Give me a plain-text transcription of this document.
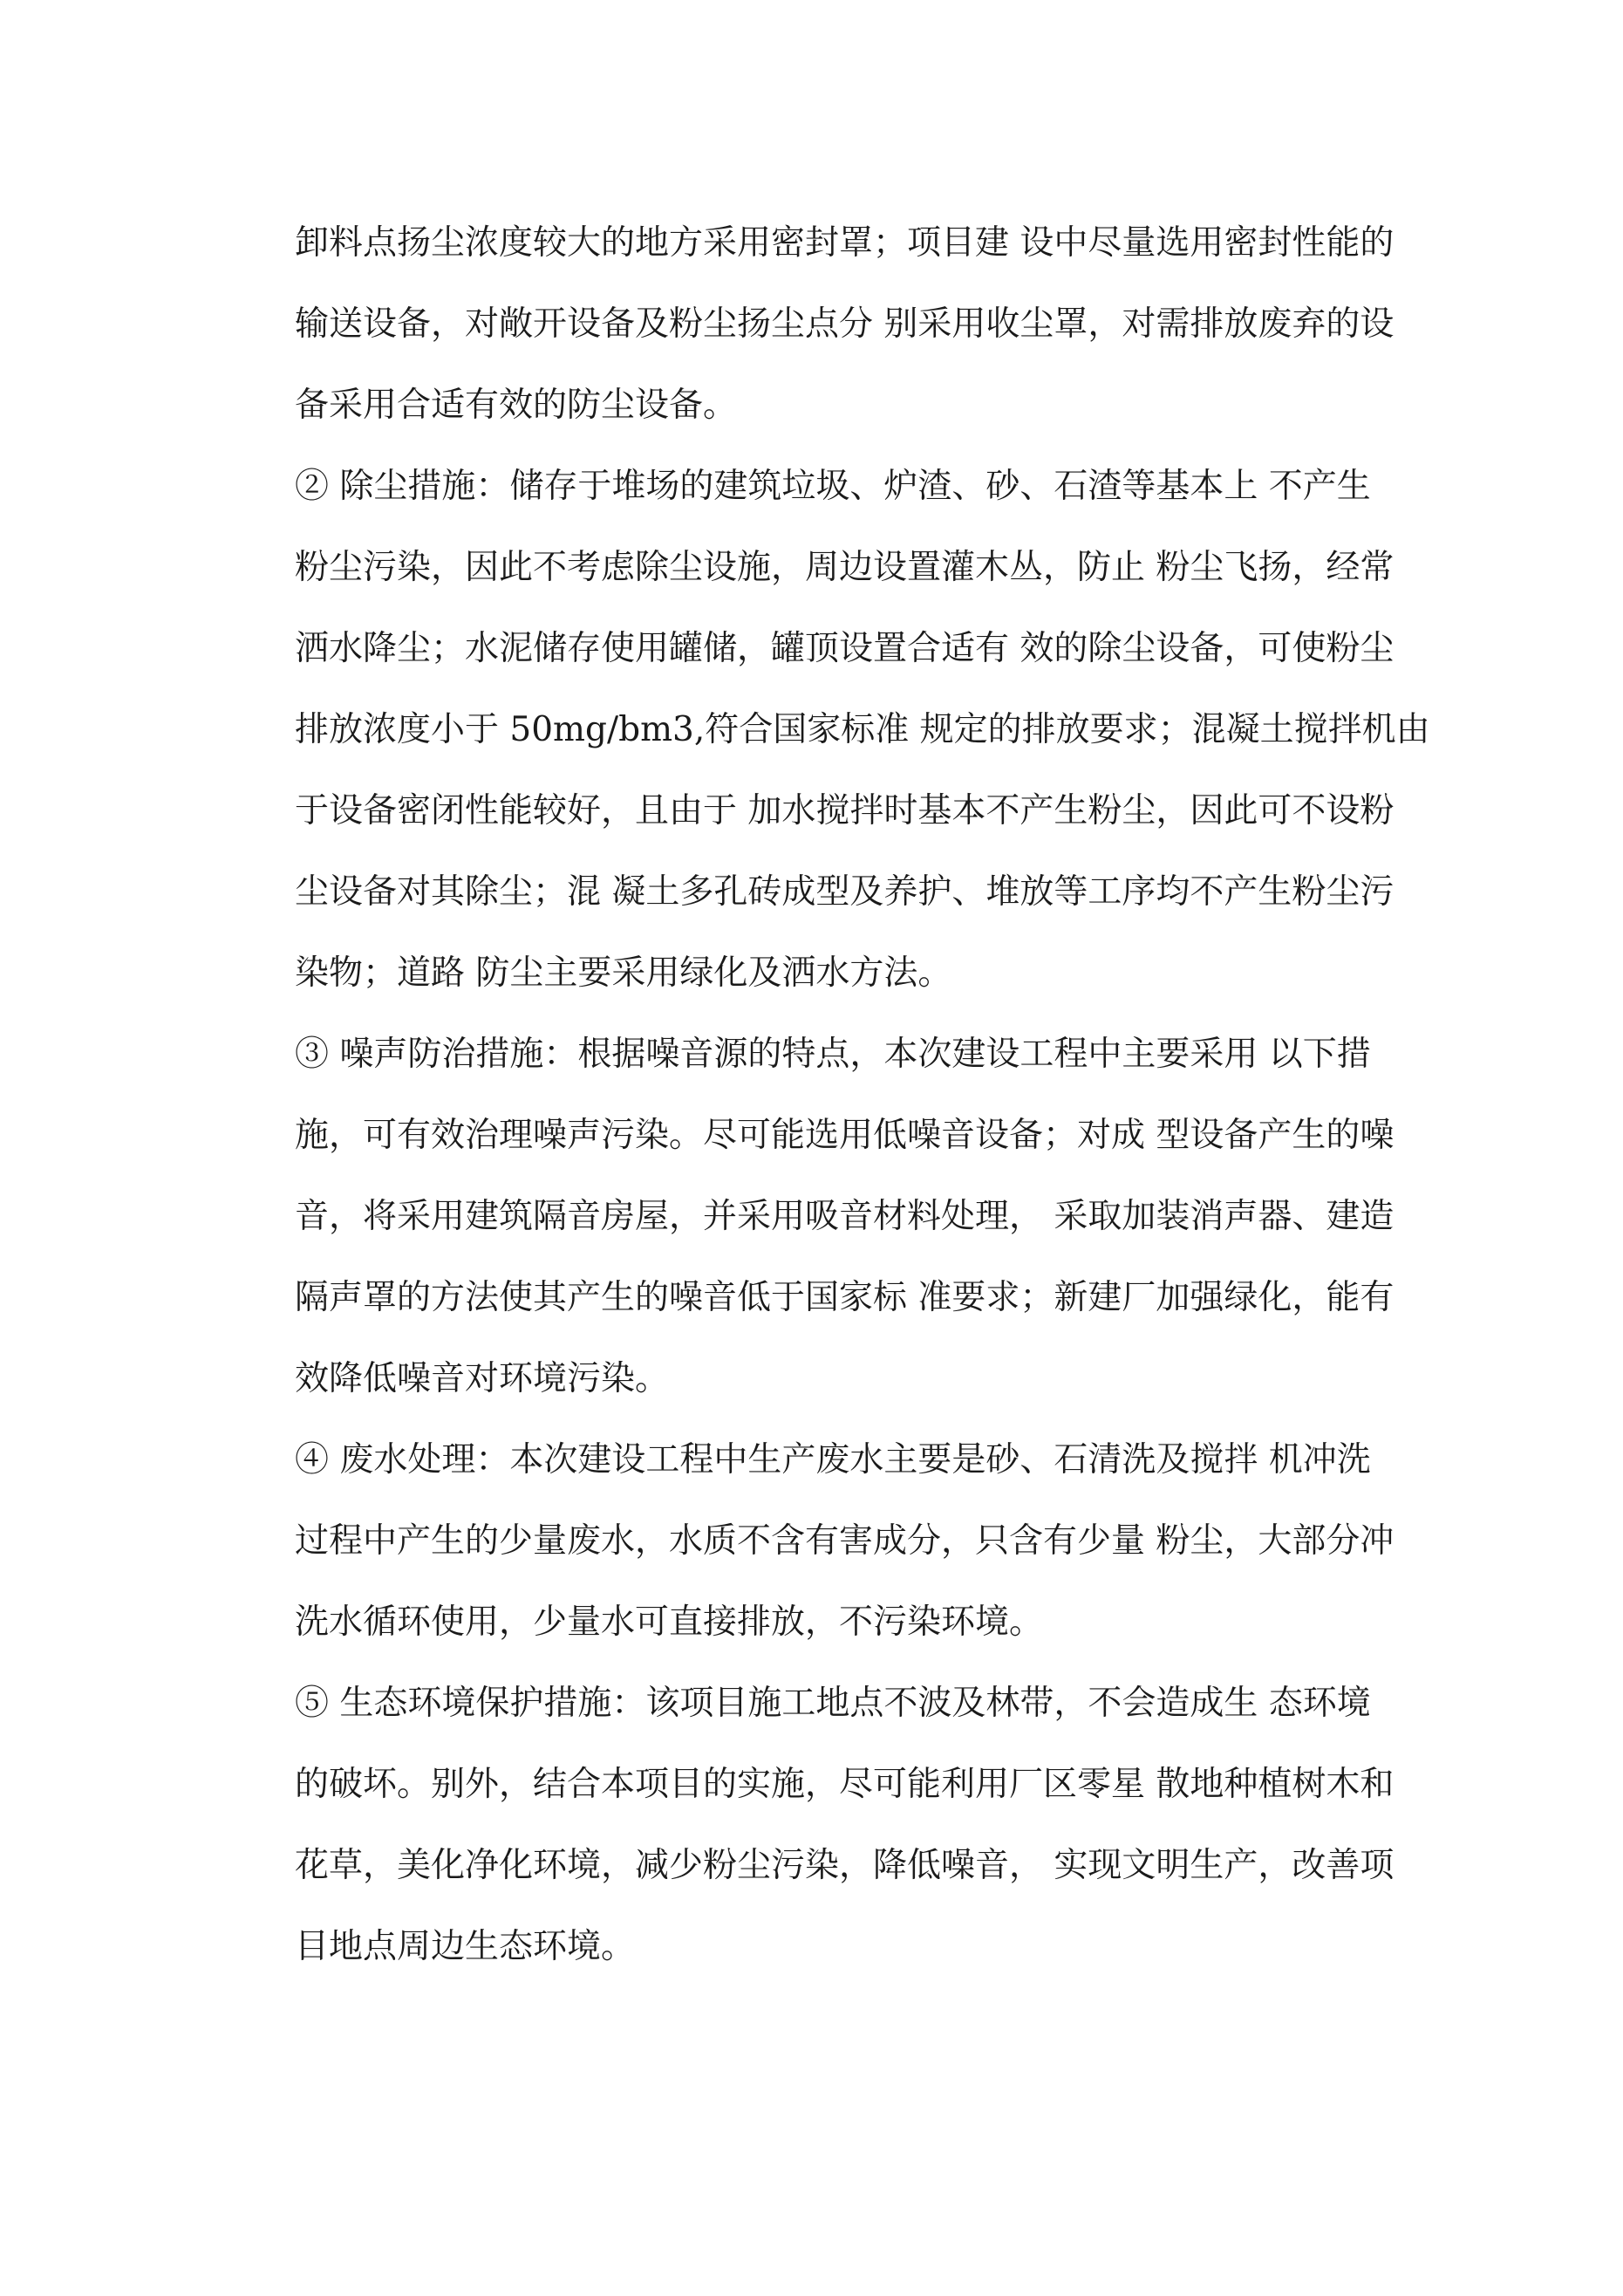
卸料点扬尘浓度较大的地方采用密封罩；项目建 设中尽量选用密封性能的
输送设备，对敞开设备及粉尘扬尘点分 别采用收尘罩，对需排放废弃的设
备采用合适有效的防尘设备。
② 除尘措施：储存于堆场的建筑垃圾、炉渣、砂、石渣等基本上 不产生
粉尘污染，因此不考虑除尘设施，周边设置灌木丛，防止 粉尘飞扬，经常
洒水降尘；水泥储存使用罐储，罐顶设置合适有 效的除尘设备，可使粉尘
排放浓度小于 50mg/bm3,符合国家标准 规定的排放要求；混凝土搅拌机由
于设备密闭性能较好，且由于 加水搅拌时基本不产生粉尘，因此可不设粉
尘设备对其除尘；混 凝土多孔砖成型及养护、堆放等工序均不产生粉尘污
染物；道路 防尘主要采用绿化及洒水方法。
③ 噪声防治措施：根据噪音源的特点，本次建设工程中主要采用 以下措
施，可有效治理噪声污染。尽可能选用低噪音设备；对成 型设备产生的噪
音，将采用建筑隔音房屋，并采用吸音材料处理， 采取加装消声器、建造
隔声罩的方法使其产生的噪音低于国家标 准要求；新建厂加强绿化，能有
效降低噪音对环境污染。
④ 废水处理：本次建设工程中生产废水主要是砂、石清洗及搅拌 机冲洗
过程中产生的少量废水，水质不含有害成分，只含有少量 粉尘，大部分冲
洗水循环使用，少量水可直接排放，不污染环境。
⑤ 生态环境保护措施：该项目施工地点不波及林带，不会造成生 态环境
的破坏。别外，结合本项目的实施，尽可能利用厂区零星 散地种植树木和
花草，美化净化环境，减少粉尘污染，降低噪音， 实现文明生产，改善项
目地点周边生态环境。
